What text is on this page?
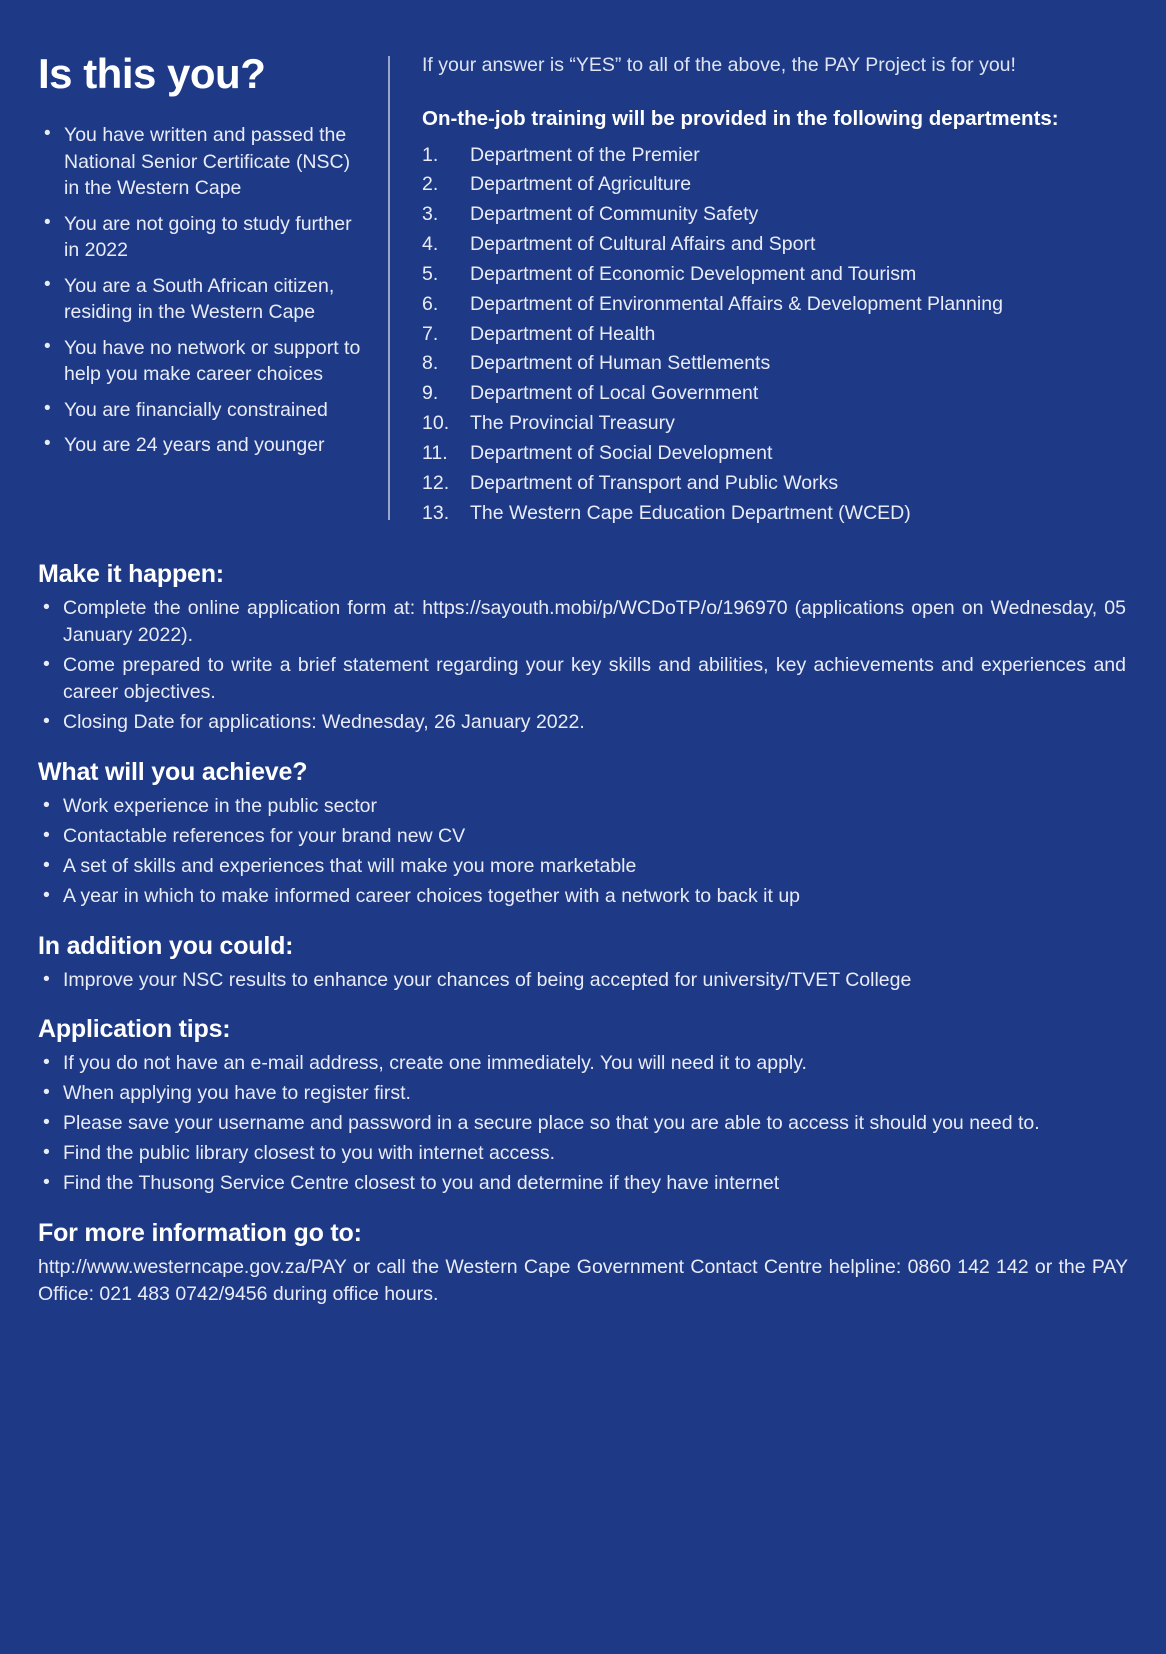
Is this you?
• You have written and passed the National Senior Certificate (NSC) in the Western Cape
• You are not going to study further in 2022
• You are a South African citizen, residing in the Western Cape
• You have no network or support to help you make career choices
• You are financially constrained
• You are 24 years and younger

If your answer is “YES” to all of the above, the PAY Project is for you!

On-the-job training will be provided in the following departments:

Department of the Premier
Department of Agriculture
Department of Community Safety
Department of Cultural Affairs and Sport
Department of Economic Development and Tourism
Department of Environmental Affairs & Development Planning
Department of Health
Department of Human Settlements
Department of Local Government
The Provincial Treasury
Department of Social Development
Department of Transport and Public Works
The Western Cape Education Department (WCED)
Make it happen:
• Complete the online application form at: https://sayouth.mobi/p/WCDoTP/o/196970 (applications open on Wednesday, 05 January 2022).
• Come prepared to write a brief statement regarding your key skills and abilities, key achievements and experiences and career objectives.
• Closing Date for applications: Wednesday, 26 January 2022.
What will you achieve?
• Work experience in the public sector
• Contactable references for your brand new CV
• A set of skills and experiences that will make you more marketable
• A year in which to make informed career choices together with a network to back it up
In addition you could:
• Improve your NSC results to enhance your chances of being accepted for university/TVET College
Application tips:
• If you do not have an e-mail address, create one immediately. You will need it to apply.
• When applying you have to register first.
• Please save your username and password in a secure place so that you are able to access it should you need to.
• Find the public library closest to you with internet access.
• Find the Thusong Service Centre closest to you and determine if they have internet
For more information go to:

http://www.westerncape.gov.za/PAY or call the Western Cape Government Contact Centre helpline: 0860 142 142 or the PAY Office: 021 483 0742/9456 during office hours.
